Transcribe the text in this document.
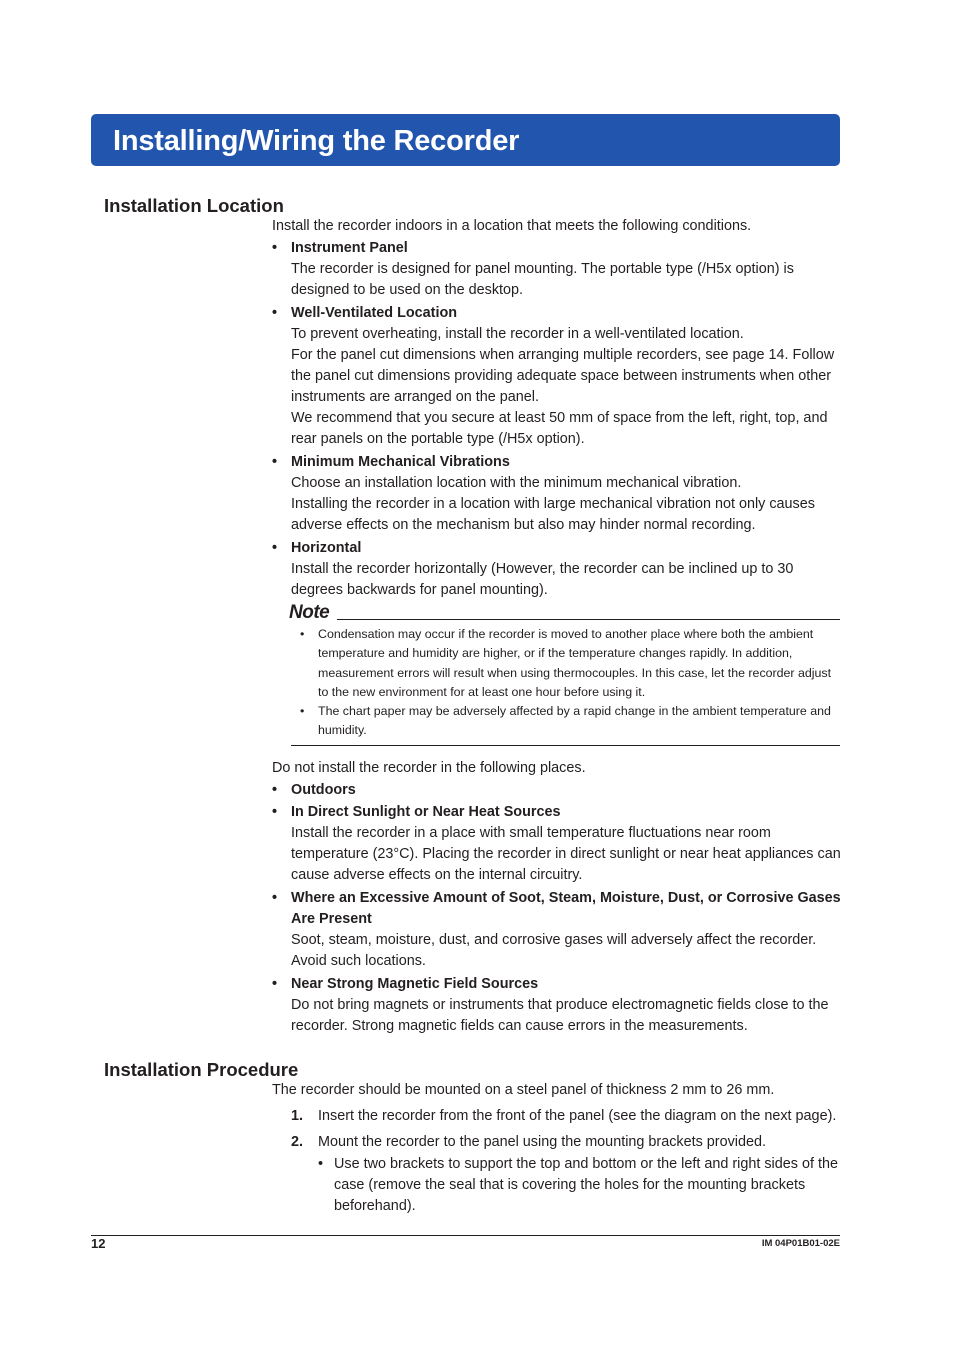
Installing/Wiring the Recorder
Installation Location

Install the recorder indoors in a location that meets the following conditions.

• Instrument Panel

The recorder is designed for panel mounting. The portable type (/H5x option) is designed to be used on the desktop.

• Well-Ventilated Location

To prevent overheating, install the recorder in a well-ventilated location.

For the panel cut dimensions when arranging multiple recorders, see page 14. Follow the panel cut dimensions providing adequate space between instruments when other instruments are arranged on the panel.

We recommend that you secure at least 50 mm of space from the left, right, top, and rear panels on the portable type (/H5x option).

• Minimum Mechanical Vibrations

Choose an installation location with the minimum mechanical vibration.

Installing the recorder in a location with large mechanical vibration not only causes adverse effects on the mechanism but also may hinder normal recording.

• Horizontal

Install the recorder horizontally (However, the recorder can be inclined up to 30 degrees backwards for panel mounting).

Note
• Condensation may occur if the recorder is moved to another place where both the ambient temperature and humidity are higher, or if the temperature changes rapidly. In addition, measurement errors will result when using thermocouples. In this case, let the recorder adjust to the new environment for at least one hour before using it.
• The chart paper may be adversely affected by a rapid change in the ambient temperature and humidity.

Do not install the recorder in the following places.

• Outdoors
• In Direct Sunlight or Near Heat Sources

Install the recorder in a place with small temperature fluctuations near room temperature (23°C). Placing the recorder in direct sunlight or near heat appliances can cause adverse effects on the internal circuitry.

• Where an Excessive Amount of Soot, Steam, Moisture, Dust, or Corrosive Gases Are Present

Soot, steam, moisture, dust, and corrosive gases will adversely affect the recorder. Avoid such locations.

• Near Strong Magnetic Field Sources

Do not bring magnets or instruments that produce electromagnetic fields close to the recorder. Strong magnetic fields can cause errors in the measurements.

Installation Procedure

The recorder should be mounted on a steel panel of thickness 2 mm to 26 mm.

1. Insert the recorder from the front of the panel (see the diagram on the next page).

2. Mount the recorder to the panel using the mounting brackets provided.

• Use two brackets to support the top and bottom or the left and right sides of the case (remove the seal that is covering the holes for the mounting brackets beforehand).
12	IM 04P01B01-02E
